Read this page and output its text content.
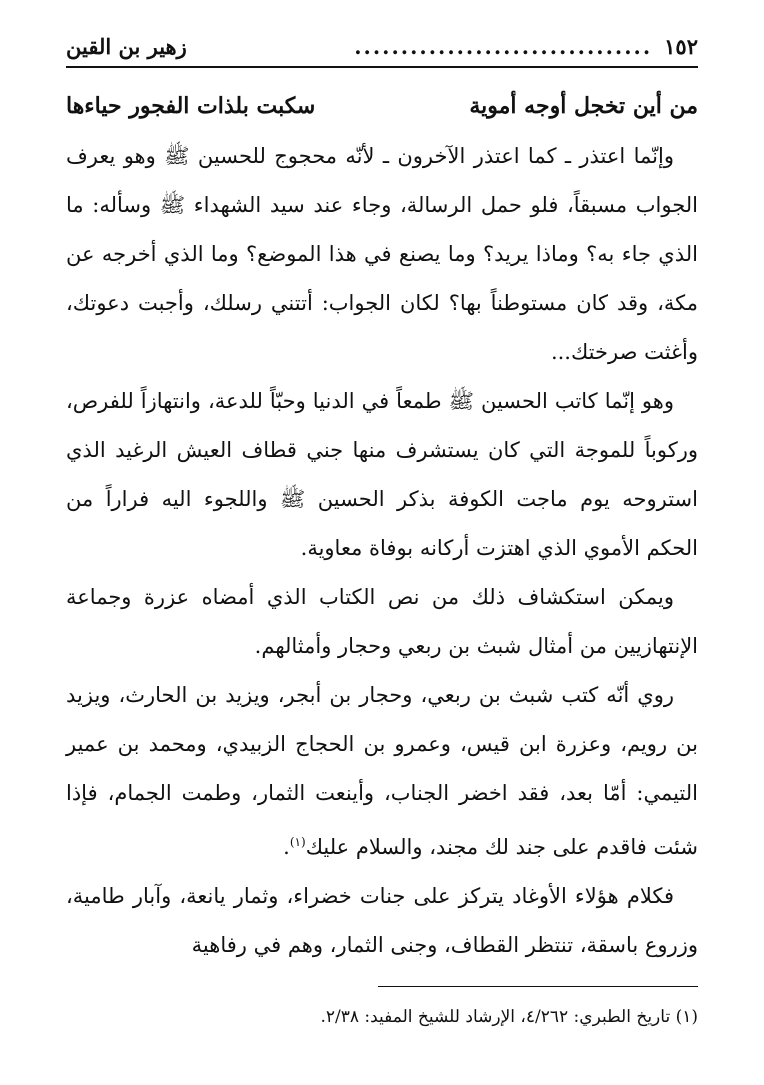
١٥٢
................................
زهير بن القين
من أين تخجل أوجه أموية
سكبت بلذات الفجور حياءها

وإنّما اعتذر ـ كما اعتذر الآخرون ـ لأنّه محجوج للحسين ﷺ وهو يعرف الجواب مسبقاً، فلو حمل الرسالة، وجاء عند سيد الشهداء ﷺ وسأله: ما الذي جاء به؟ وماذا يريد؟ وما يصنع في هذا الموضع؟ وما الذي أخرجه عن مكة، وقد كان مستوطناً بها؟ لكان الجواب: أتتني رسلك، وأجبت دعوتك، وأغثت صرختك...

وهو إنّما كاتب الحسين ﷺ طمعاً في الدنيا وحبّاً للدعة، وانتهازاً للفرص، وركوباً للموجة التي كان يستشرف منها جني قطاف العيش الرغيد الذي استروحه يوم ماجت الكوفة بذكر الحسين ﷺ واللجوء اليه فراراً من الحكم الأموي الذي اهتزت أركانه بوفاة معاوية.

ويمكن استكشاف ذلك من نص الكتاب الذي أمضاه عزرة وجماعة الإنتهازيين من أمثال شبث بن ربعي وحجار وأمثالهم.

روي أنّه كتب شبث بن ربعي، وحجار بن أبجر، ويزيد بن الحارث، ويزيد بن رويم، وعزرة ابن قيس، وعمرو بن الحجاج الزبيدي، ومحمد بن عمير التيمي: أمّا بعد، فقد اخضر الجناب، وأينعت الثمار، وطمت الجمام، فإذا شئت فاقدم على جند لك مجند، والسلام عليك$^{(١)}$.

فكلام هؤلاء الأوغاد يتركز على جنات خضراء، وثمار يانعة، وآبار طامية، وزروع باسقة، تنتظر القطاف، وجنى الثمار، وهم في رفاهية

(١) تاريخ الطبري: ٤/٢٦٢، الإرشاد للشيخ المفيد: ٢/٣٨.
